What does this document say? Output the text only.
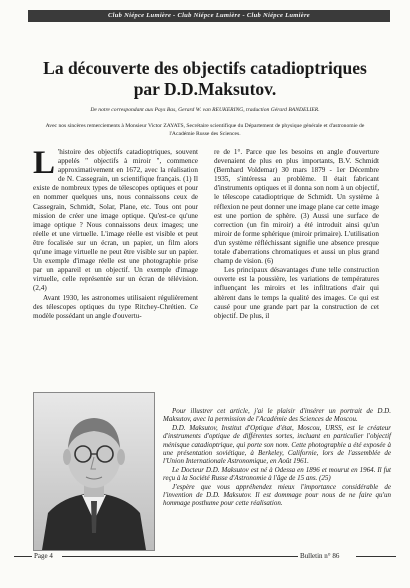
Club Niépce Lumière - Club Niépce Lumière - Club Niépce Lumière
La découverte des objectifs catadioptriques
par D.D.Maksutov.
De notre correspondant aux Pays Bas, Gerard W. van REUKERING, traduction Gérard BANDELIER.
Avec nos sincères remerciements à Monsieur Victor ZAYATS, Secrétaire scientifique du Département de physique générale et d'astronomie de l'Académie Russe des Sciences.

L 'histoire des objectifs catadioptriques, souvent appelés " objectifs à miroir ", commence approximativement en 1672, avec la réalisation de N. Cassegrain, un scientifique français. (1) Il existe de nombreux types de télescopes optiques et pour en nommer quelques uns, nous connaissons ceux de Cassegrain, Schmidt, Solar, Plane, etc. Tous ont pour mission de créer une image optique. Qu'est-ce qu'une image optique ? Nous connaissons deux images; une réelle et une virtuelle. L'image réelle est visible et peut être focalisée sur un écran, un papier, un film alors qu'une image virtuelle ne peut être visible sur un papier. Un exemple d'image réelle est une photographie prise par un appareil et un objectif. Un exemple d'image virtuelle, celle représentée sur un écran de télévision. (2,4)

Avant 1930, les astronomes utilisaient régulièrement des télescopes optiques du type Ritchey-Chrétien. Ce modèle possédant un angle d'ouvertu-

re de 1°. Parce que les besoins en angle d'ouverture devenaient de plus en plus importants, B.V. Schmidt (Bernhard Voldemar) 30 mars 1879 - 1er Décembre 1935, s'intéressa au problème. Il était fabricant d'instruments optiques et il donna son nom à un objectif, le télescope catadioptrique de Schmidt. Un système à réflexion ne peut donner une image plane car cette image est une portion de sphère. (3) Aussi une surface de correction (un fin miroir) a été introduit ainsi qu'un miroir de forme sphérique (miroir primaire). L'utilisation d'un système réfléchissant signifie une absence presque totale d'aberrations chromatiques et aussi un plus grand champ de vision. (6)

Les principaux désavantages d'une telle construction ouverte est la poussière, les variations de températures influençant les miroirs et les infiltrations d'air qui altèrent dans le temps la qualité des images. Ce qui est causé pour une grande part par la construction de cet objectif. De plus, il

Pour illustrer cet article, j'ai le plaisir d'insérer un portrait de D.D. Maksutov, avec la permission de l'Académie des Sciences de Moscou.

D.D. Maksutov, Institut d'Optique d'état, Moscou, URSS, est le créateur d'instruments d'optique de différentes sortes, incluant en particulier l'objectif ménisque catadioptrique, qui porte son nom. Cette photographie a été exposée à une présentation soviétique, à Berkeley, Californie, lors de l'assemblée de l'Union Internationale Astronomique, en Août 1961.

Le Docteur D.D. Maksutov est né à Odessa en 1896 et mourut en 1964. Il fut reçu à la Société Russe d'Astronomie à l'âge de 15 ans. (25)

J'espère que vous appréhendez mieux l'importance considérable de l'invention de D.D. Maksutov. Il est dommage pour nous de ne faire qu'un hommage posthume pour cette réalisation.

Page 4	Bulletin n° 86
